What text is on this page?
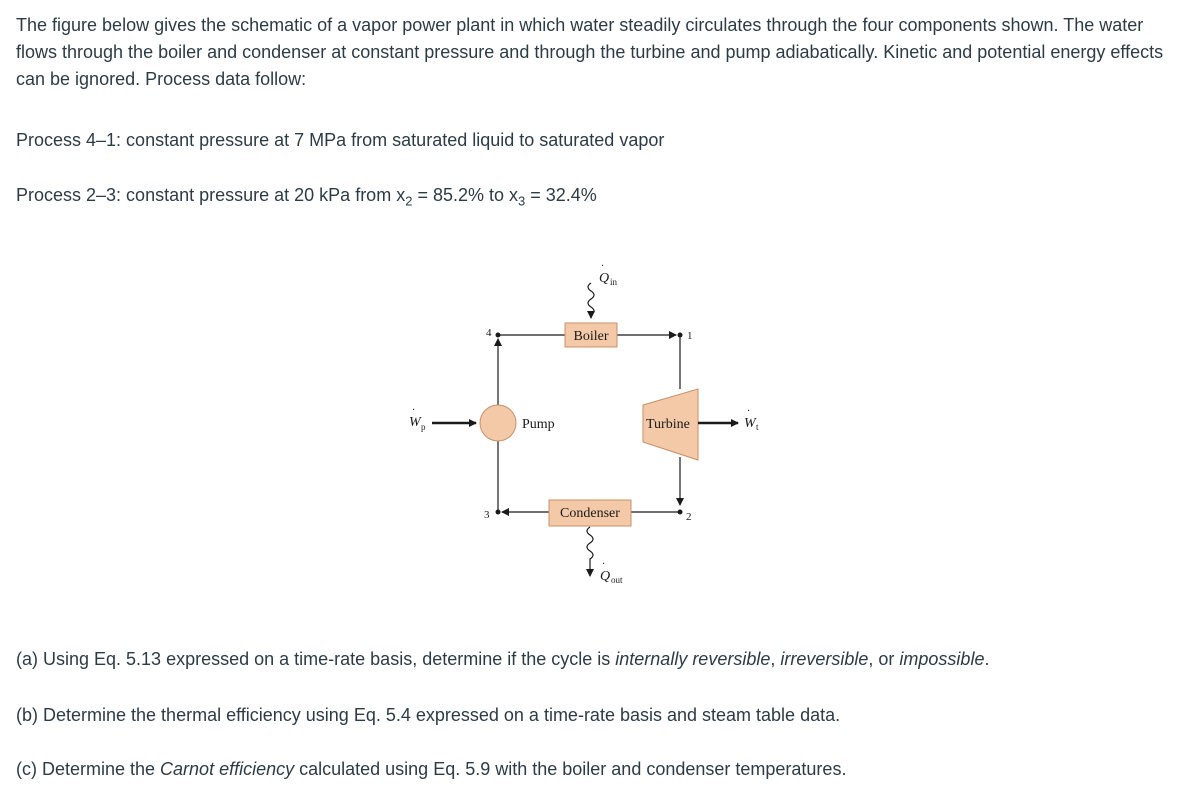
The figure below gives the schematic of a vapor power plant in which water steadily circulates through the four components shown. The water flows through the boiler and condenser at constant pressure and through the turbine and pump adiabatically. Kinetic and potential energy effects can be ignored. Process data follow:

Process 4–1: constant pressure at 7 MPa from saturated liquid to saturated vapor

Process 2–3: constant pressure at 20 kPa from $x_2 = 85.2\%$ to $x_3 = 32.4\%$

1
2
3
4	Boiler
Q
·
in
Pump
W
·
p	Turbine	W
·
t
Condenser
Q
·
out

(a) Using Eq. 5.13 expressed on a time-rate basis, determine if the cycle is internally reversible, irreversible, or impossible.

(b) Determine the thermal efficiency using Eq. 5.4 expressed on a time-rate basis and steam table data.

(c) Determine the Carnot efficiency calculated using Eq. 5.9 with the boiler and condenser temperatures.
